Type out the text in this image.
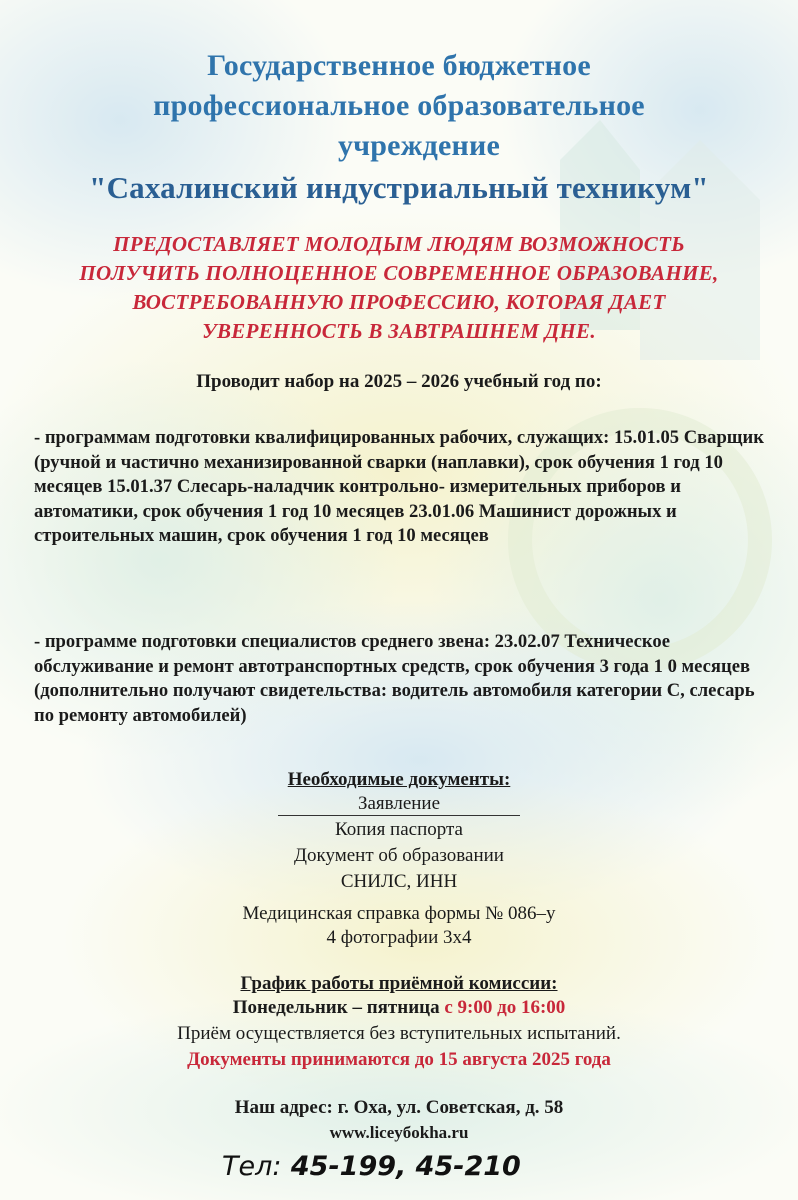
Государственное бюджетное
профессиональное образовательное
учреждение
"Сахалинский индустриальный техникум"
ПРЕДОСТАВЛЯЕТ МОЛОДЫМ ЛЮДЯМ ВОЗМОЖНОСТЬ
ПОЛУЧИТЬ ПОЛНОЦЕННОЕ СОВРЕМЕННОЕ ОБРАЗОВАНИЕ,
ВОСТРЕБОВАННУЮ ПРОФЕССИЮ, КОТОРАЯ ДАЕТ
УВЕРЕННОСТЬ В ЗАВТРАШНЕМ ДНЕ.
Проводит набор на 2025 – 2026 учебный год по:
- программам подготовки квалифицированных рабочих, служащих: 15.01.05 Сварщик (ручной и частично механизированной сварки (наплавки), срок обучения 1 год 10 месяцев 15.01.37 Слесарь-наладчик контрольно- измерительных приборов и автоматики, срок обучения 1 год 10 месяцев 23.01.06 Машинист дорожных и строительных машин, срок обучения 1 год 10 месяцев
- программе подготовки специалистов среднего звена: 23.02.07 Техническое обслуживание и ремонт автотранспортных средств, срок обучения 3 года 1 0 месяцев (дополнительно получают свидетельства: водитель автомобиля категории С, слесарь по ремонту автомобилей)
Необходимые документы:
Заявление
Копия паспорта
Документ об образовании
СНИЛС, ИНН
Медицинская справка формы № 086–у
4 фотографии 3х4
График работы приёмной комиссии:
Понедельник – пятница с 9:00 до 16:00
Приём осуществляется без вступительных испытаний.
Документы принимаются до 15 августа 2025 года
Наш адрес: г. Оха, ул. Советская, д. 58
www.liceyбokha.ru
Тел: 45-199, 45-210
